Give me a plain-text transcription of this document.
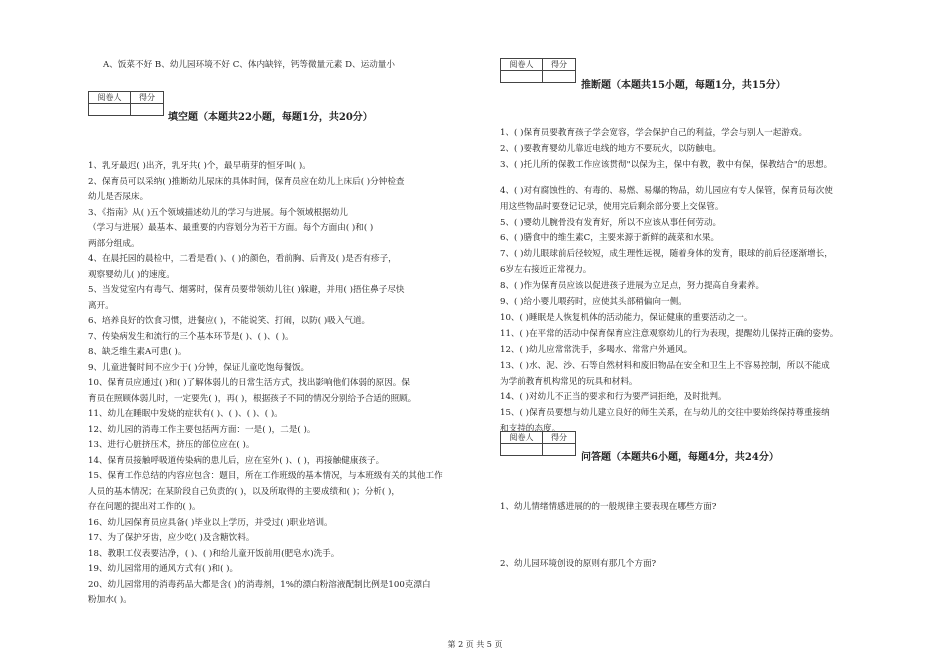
A、饭菜不好 B、幼儿园环境不好 C、体内缺锌，钙等微量元素 D、运动量小
阅卷人	得分

填空题（本题共22小题，每题1分，共20分）
1、乳牙最迟( )出齐，乳牙共( )个，最早萌芽的恒牙叫( )。
2、保育员可以采纳( )推断幼儿尿床的具体时间，保育员应在幼儿上床后( )分钟检查
幼儿是否尿床。
3、《指南》从( )五个领域描述幼儿的学习与进展。每个领域根据幼儿
（学习与进展）最基本、最重要的内容划分为若干方面。每个方面由( )和( )
两部分组成。
4、在晨托园的晨检中，二看是看( )、( )的颜色，看前胸、后背及( )是否有疹子，
观察婴幼儿( )的速度。
5、当发觉室内有毒气、烟雾时，保育员要带领幼儿往( )躲避，并用( )捂住鼻子尽快
离开。
6、培养良好的饮食习惯，进餐应( )，不能说笑、打闹，以防( )吸入气道。
7、传染病发生和流行的三个基本环节是( )、( )、( )。
8、缺乏维生素A可患( )。
9、儿童进餐时间不应少于( )分钟，保证儿童吃饱每餐饭。
10、保育员应通过( )和( )了解体弱儿的日常生活方式，找出影响他们体弱的原因。保
育员在照顾体弱儿时，一定要先( )，再( )，根据孩子不同的情况分别给予合适的照顾。
11、幼儿在睡眠中发烧的症状有( )、( )、( )、( )。
12、幼儿园的消毒工作主要包括两方面：一是( )，二是( )。
13、进行心脏挤压术，挤压的部位应在( )。
14、保育员接触呼吸道传染病的患儿后，应在室外( )、( )，再接触健康孩子。
15、保育工作总结的内容应包含：题目，所在工作班级的基本情况，与本班级有关的其他工作
人员的基本情况；在某阶段自己负责的( )，以及所取得的主要成绩和( )；分析( )，
存在问题的提出对工作的( )。
16、幼儿园保育员应具备( )毕业以上学历，并受过( )职业培训。
17、为了保护牙齿，应少吃( )及含糖饮料。
18、教职工仪表要洁净，( )、( )和给儿童开饭前用(肥皂水)洗手。
19、幼儿园常用的通风方式有( )和( )。
20、幼儿园常用的消毒药品大都是含( )的消毒剂，1%的漂白粉溶液配制比例是100克漂白
粉加水( )。
阅卷人	得分

推断题（本题共15小题，每题1分，共15分）
1、( )保育员要教育孩子学会宽容，学会保护自己的利益，学会与别人一起游戏。
2、( )要教育婴幼儿靠近电线的地方不要玩火，以防触电。
3、( )托儿所的保教工作应该贯彻"以保为主，保中有教，教中有保，保教结合"的思想。
4、( )对有腐蚀性的、有毒的、易燃、易爆的物品，幼儿园应有专人保管，保育员每次使
用这些物品时要登记记录，使用完后剩余部分要上交保管。
5、( )婴幼儿腕骨没有发育好，所以不应该从事任何劳动。
6、( )膳食中的维生素C，主要来源于新鲜的蔬菜和水果。
7、( )幼儿眼球前后径较短，成生理性远视，随着身体的发育，眼球的前后径逐渐增长，
6岁左右接近正常视力。
8、( )作为保育员应该以促进孩子进展为立足点，努力提高自身素养。
9、( )给小婴儿喂药时，应使其头部稍偏向一侧。
10、( )睡眠是人恢复机体的活动能力，保证健康的重要活动之一。
11、( )在平常的活动中保育保育应注意观察幼儿的行为表现，提醒幼儿保持正确的姿势。
12、( )幼儿应常常洗手，多喝水、常常户外通风。
13、( )水、泥、沙、石等自然材料和废旧物品在安全和卫生上不容易控制，所以不能成
为学前教育机构常见的玩具和材料。
14、( )对幼儿不正当的要求和行为要严词拒绝，及时批判。
15、( )保育员要想与幼儿建立良好的师生关系，在与幼儿的交往中要始终保持尊重接纳
和支持的态度。
阅卷人	得分

问答题（本题共6小题，每题4分，共24分）
1、幼儿情绪情感进展的的一般规律主要表现在哪些方面?
2、幼儿园环境创设的原则有那几个方面?
第 2 页 共 5 页
